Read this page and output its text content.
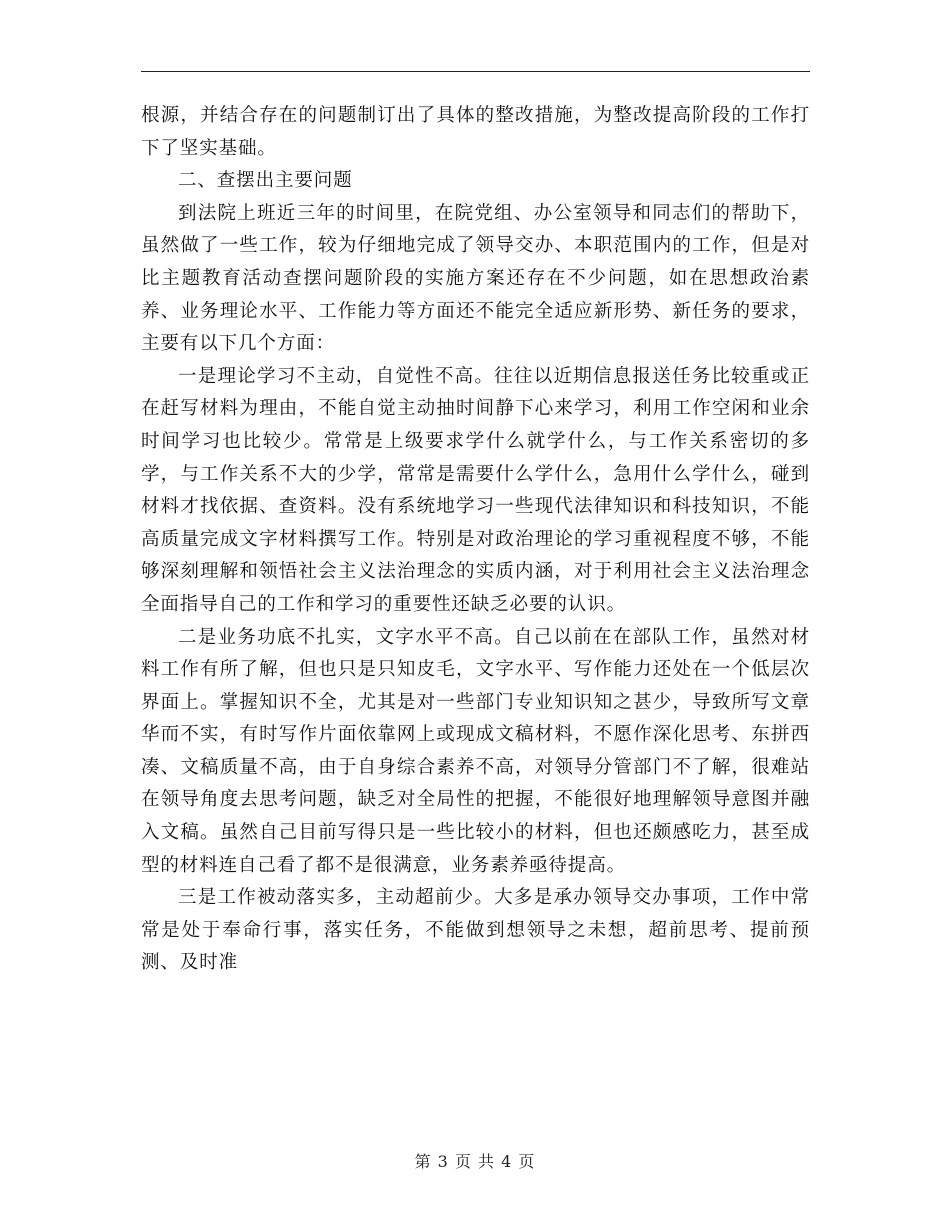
根源，并结合存在的问题制订出了具体的整改措施，为整改提高阶段的工作打下了坚实基础。

二、查摆出主要问题

到法院上班近三年的时间里，在院党组、办公室领导和同志们的帮助下，虽然做了一些工作，较为仔细地完成了领导交办、本职范围内的工作，但是对比主题教育活动查摆问题阶段的实施方案还存在不少问题，如在思想政治素养、业务理论水平、工作能力等方面还不能完全适应新形势、新任务的要求，主要有以下几个方面：

一是理论学习不主动，自觉性不高。往往以近期信息报送任务比较重或正在赶写材料为理由，不能自觉主动抽时间静下心来学习，利用工作空闲和业余时间学习也比较少。常常是上级要求学什么就学什么，与工作关系密切的多学，与工作关系不大的少学，常常是需要什么学什么，急用什么学什么，碰到材料才找依据、查资料。没有系统地学习一些现代法律知识和科技知识，不能高质量完成文字材料撰写工作。特别是对政治理论的学习重视程度不够，不能够深刻理解和领悟社会主义法治理念的实质内涵，对于利用社会主义法治理念全面指导自己的工作和学习的重要性还缺乏必要的认识。

二是业务功底不扎实，文字水平不高。自己以前在在部队工作，虽然对材料工作有所了解，但也只是只知皮毛，文字水平、写作能力还处在一个低层次界面上。掌握知识不全，尤其是对一些部门专业知识知之甚少，导致所写文章华而不实，有时写作片面依靠网上或现成文稿材料，不愿作深化思考、东拼西凑、文稿质量不高，由于自身综合素养不高，对领导分管部门不了解，很难站在领导角度去思考问题，缺乏对全局性的把握，不能很好地理解领导意图并融入文稿。虽然自己目前写得只是一些比较小的材料，但也还颇感吃力，甚至成型的材料连自己看了都不是很满意，业务素养亟待提高。

三是工作被动落实多，主动超前少。大多是承办领导交办事项，工作中常常是处于奉命行事，落实任务，不能做到想领导之未想，超前思考、提前预测、及时准

第 3 页 共 4 页
